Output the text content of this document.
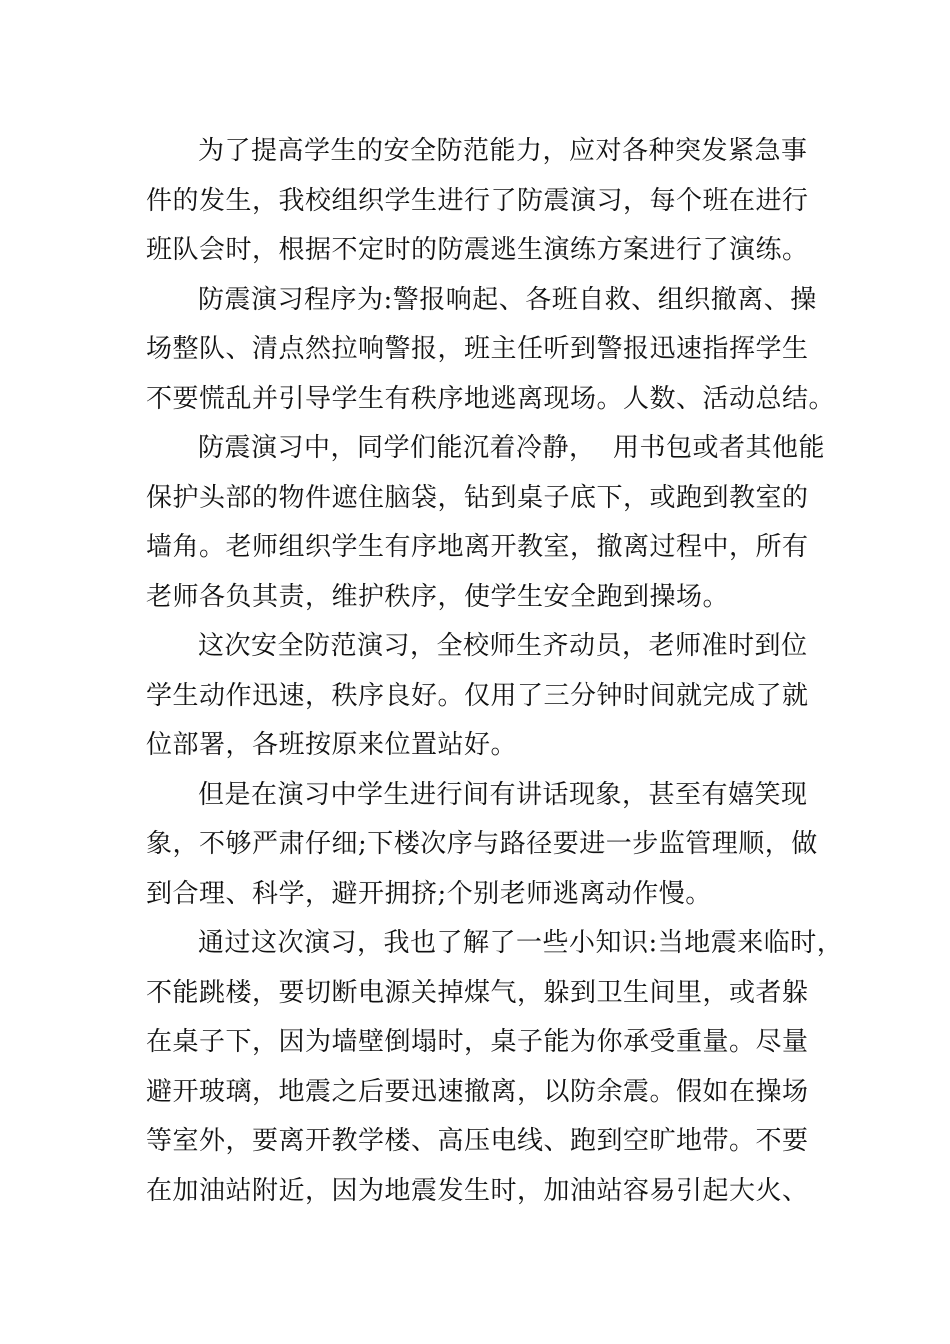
为了提高学生的安全防范能力，应对各种突发紧急事
件的发生，我校组织学生进行了防震演习，每个班在进行
班队会时，根据不定时的防震逃生演练方案进行了演练。

防震演习程序为:警报响起、各班自救、组织撤离、操
场整队、清点然拉响警报，班主任听到警报迅速指挥学生
不要慌乱并引导学生有秩序地逃离现场。人数、活动总结。

防震演习中，同学们能沉着冷静，  用书包或者其他能
保护头部的物件遮住脑袋，钻到桌子底下，或跑到教室的
墙角。老师组织学生有序地离开教室，撤离过程中，所有
老师各负其责，维护秩序，使学生安全跑到操场。

这次安全防范演习，全校师生齐动员，老师准时到位
学生动作迅速，秩序良好。仅用了三分钟时间就完成了就
位部署，各班按原来位置站好。

但是在演习中学生进行间有讲话现象，甚至有嬉笑现
象，不够严肃仔细;下楼次序与路径要进一步监管理顺，做
到合理、科学，避开拥挤;个别老师逃离动作慢。

通过这次演习，我也了解了一些小知识:当地震来临时，
不能跳楼，要切断电源关掉煤气，躲到卫生间里，或者躲
在桌子下，因为墙壁倒塌时，桌子能为你承受重量。尽量
避开玻璃，地震之后要迅速撤离，以防余震。假如在操场
等室外，要离开教学楼、高压电线、跑到空旷地带。不要
在加油站附近，因为地震发生时，加油站容易引起大火、
